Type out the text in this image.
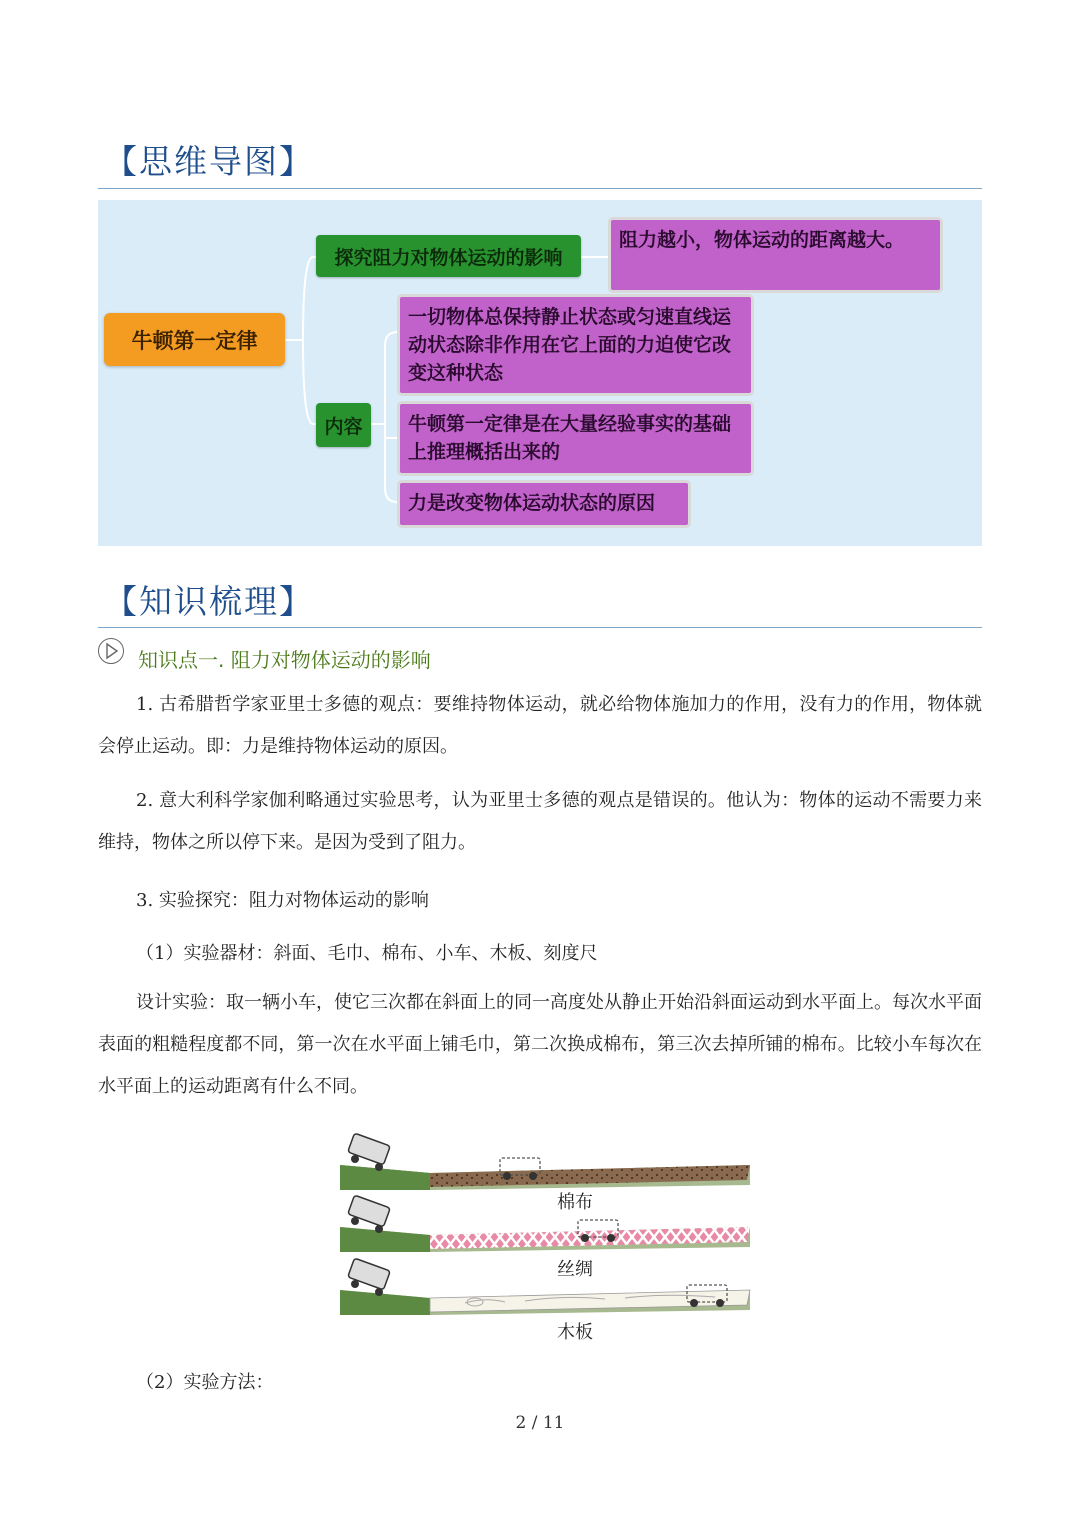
【思维导图】
牛顿第一定律
探究阻力对物体运动的影响
阻力越小，物体运动的距离越大。
内容
一切物体总保持静止状态或匀速直线运动状态除非作用在它上面的力迫使它改变这种状态
牛顿第一定律是在大量经验事实的基础上推理概括出来的
力是改变物体运动状态的原因
【知识梳理】
知识点一. 阻力对物体运动的影响
1. 古希腊哲学家亚里士多德的观点：要维持物体运动，就必给物体施加力的作用，没有力的作用，物体就会停止运动。即：力是维持物体运动的原因。
2. 意大利科学家伽利略通过实验思考，认为亚里士多德的观点是错误的。他认为：物体的运动不需要力来维持，物体之所以停下来。是因为受到了阻力。
3. 实验探究：阻力对物体运动的影响
（1）实验器材：斜面、毛巾、棉布、小车、木板、刻度尺
设计实验：取一辆小车，使它三次都在斜面上的同一高度处从静止开始沿斜面运动到水平面上。每次水平面表面的粗糙程度都不同，第一次在水平面上铺毛巾，第二次换成棉布，第三次去掉所铺的棉布。比较小车每次在水平面上的运动距离有什么不同。
棉布
丝绸
木板
（2）实验方法：
2 / 11
